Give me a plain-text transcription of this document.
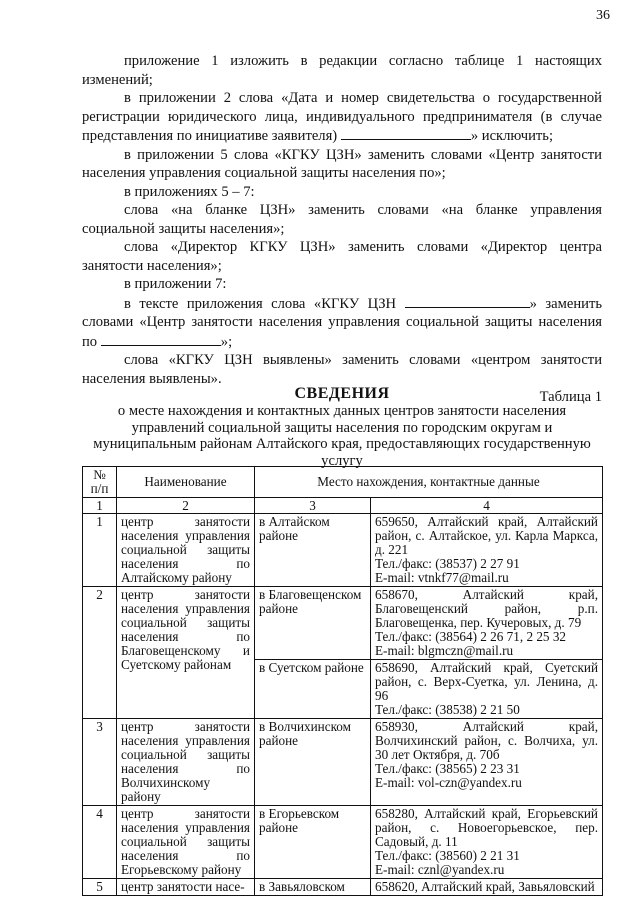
36

приложение 1 изложить в редакции согласно таблице 1 настоящих изменений;

в приложении 2 слова «Дата и номер свидетельства о государственной регистрации юридического лица, индивидуального предпринимателя (в случае представления по инициативе заявителя)	» исключить;

в приложении 5 слова «КГКУ ЦЗН» заменить словами «Центр занятости населения управления социальной защиты населения по»;

в приложениях 5 – 7:

слова «на бланке ЦЗН» заменить словами «на бланке управления социальной защиты населения»;

слова «Директор КГКУ ЦЗН» заменить словами «Директор центра занятости населения»;

в приложении 7:

в тексте приложения слова «КГКУ ЦЗН	» заменить словами «Центр занятости населения управления социальной защиты населения по	»;

слова «КГКУ ЦЗН выявлены» заменить словами «центром занятости населения выявлены».

Таблица 1

СВЕДЕНИЯ
о месте нахождения и контактных данных центров занятости населения управлений социальной защиты населения по городским округам и муниципальным районам Алтайского края, предоставляющих государственную услугу
№ п/п	Наименование	Место нахождения, контактные данные	
1	2	3	4
1	центр занятости населения управления социальной защиты населения по Алтайскому району	в Алтайском районе	659650, Алтайский край, Алтайский район, с. Алтайское, ул. Карла Маркса, д. 221
Тел./факс: (38537) 2 27 91
E-mail: vtnkf77@mail.ru

2	центр занятости населения управления социальной защиты населения по Благовещенскому и Суетскому районам	в Благовещенском районе	658670, Алтайский край, Благовещенский район, р.п. Благовещенка, пер. Кучеровых, д. 79
Тел./факс: (38564) 2 26 71, 2 25 32
E-mail: blgmczn@mail.ru

		в Суетском районе	658690, Алтайский край, Суетский район, с. Верх-Суетка, ул. Ленина, д. 96
Тел./факс: (38538) 2 21 50

3	центр занятости населения управления социальной защиты населения по Волчихинскому району	в Волчихинском районе	658930, Алтайский край, Волчихинский район, с. Волчиха, ул. 30 лет Октября, д. 70б
Тел./факс: (38565) 2 23 31
E-mail: vol-czn@yandex.ru

4	центр занятости населения управления социальной защиты населения по Егорьевскому району	в Егорьевском районе	658280, Алтайский край, Егорьевский район, с. Новоегорьевское, пер. Садовый, д. 11
Тел./факс: (38560) 2 21 31
E-mail: cznl@yandex.ru

5	центр занятости насе-	в Завьяловском	658620, Алтайский край, Завьяловский
